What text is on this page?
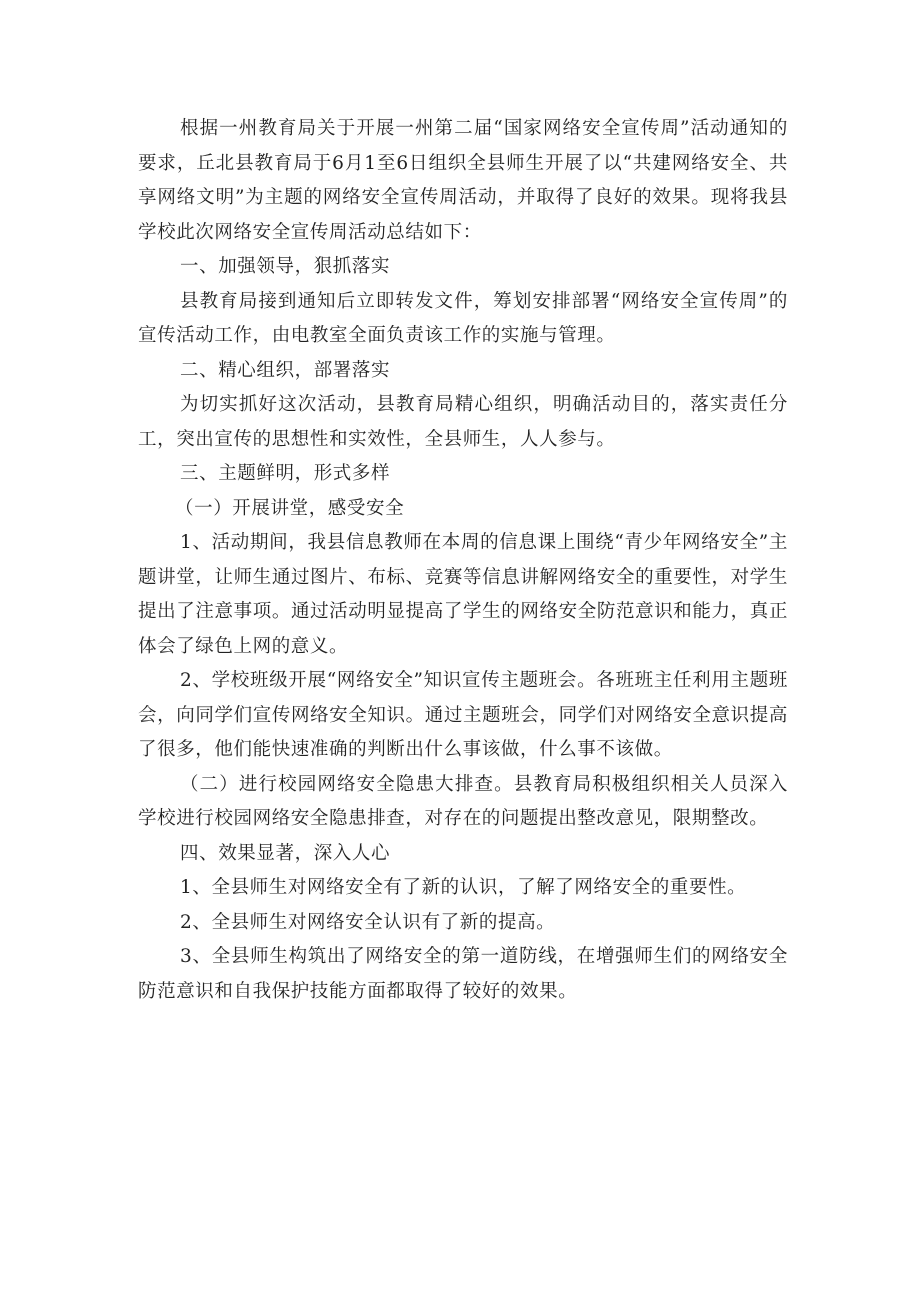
根据一州教育局关于开展一州第二届“国家网络安全宣传周”活动通知的要求，丘北县教育局于6月1至6日组织全县师生开展了以“共建网络安全、共享网络文明”为主题的网络安全宣传周活动，并取得了良好的效果。现将我县学校此次网络安全宣传周活动总结如下：

一、加强领导，狠抓落实

县教育局接到通知后立即转发文件，筹划安排部署“网络安全宣传周”的宣传活动工作，由电教室全面负责该工作的实施与管理。

二、精心组织，部署落实

为切实抓好这次活动，县教育局精心组织，明确活动目的，落实责任分工，突出宣传的思想性和实效性，全县师生，人人参与。

三、主题鲜明，形式多样

（一）开展讲堂，感受安全

1、活动期间，我县信息教师在本周的信息课上围绕“青少年网络安全”主题讲堂，让师生通过图片、布标、竞赛等信息讲解网络安全的重要性，对学生提出了注意事项。通过活动明显提高了学生的网络安全防范意识和能力，真正体会了绿色上网的意义。

2、学校班级开展“网络安全”知识宣传主题班会。各班班主任利用主题班会，向同学们宣传网络安全知识。通过主题班会，同学们对网络安全意识提高了很多，他们能快速准确的判断出什么事该做，什么事不该做。

（二）进行校园网络安全隐患大排查。县教育局积极组织相关人员深入学校进行校园网络安全隐患排查，对存在的问题提出整改意见，限期整改。

四、效果显著，深入人心

1、全县师生对网络安全有了新的认识，了解了网络安全的重要性。

2、全县师生对网络安全认识有了新的提高。

3、全县师生构筑出了网络安全的第一道防线，在增强师生们的网络安全防范意识和自我保护技能方面都取得了较好的效果。
